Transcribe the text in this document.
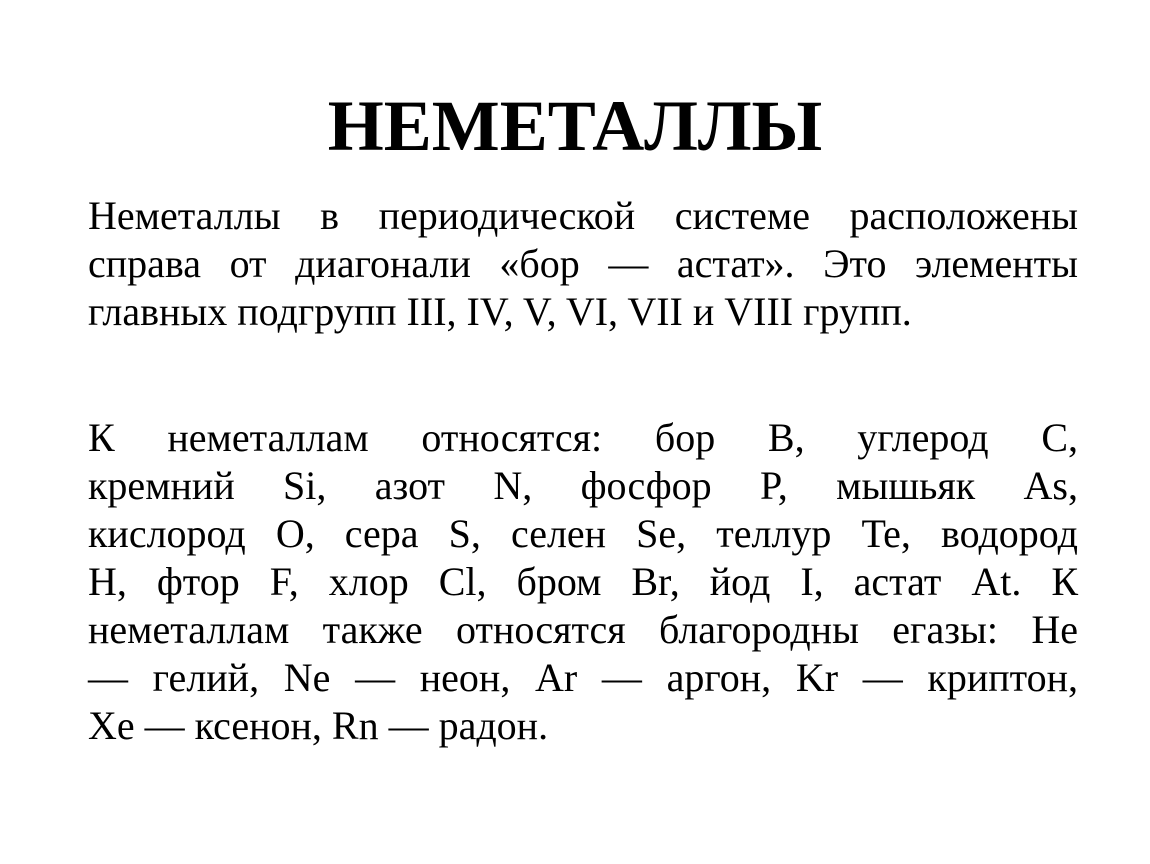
НЕМЕТАЛЛЫ
Неметаллы в периодической системе расположены
справа от диагонали «бор — астат». Это элементы
главных подгрупп III, IV, V, VI, VII и VIII групп.
К неметаллам относятся: бор B, углерод C,
кремний Si, азот N, фосфор P, мышьяк As,
кислород O, сера S, селен Se, теллур Te, водород
H, фтор F, хлор Cl, бром Br, йод I, астат At. К
неметаллам также относятся благородны егазы: He
— гелий, Ne — неон, Ar — аргон, Kr — криптон,
Xe — ксенон, Rn — радон.
